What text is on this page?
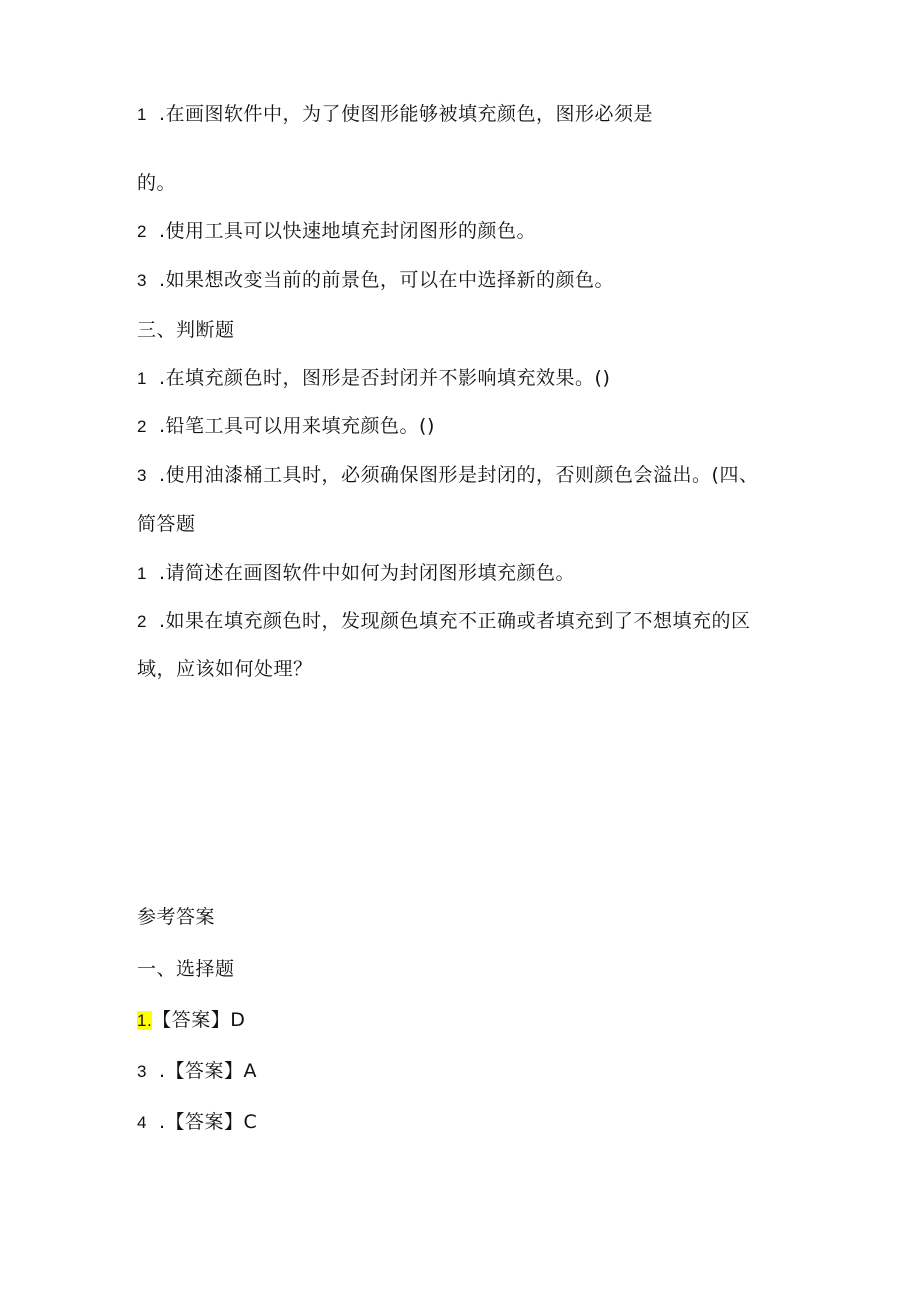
1 .在画图软件中，为了使图形能够被填充颜色，图形必须是
的。
2 .使用工具可以快速地填充封闭图形的颜色。
3 .如果想改变当前的前景色，可以在中选择新的颜色。
三、判断题
1 .在填充颜色时，图形是否封闭并不影响填充效果。()
2 .铅笔工具可以用来填充颜色。()
3 .使用油漆桶工具时，必须确保图形是封闭的，否则颜色会溢出。(四、
简答题
1 .请简述在画图软件中如何为封闭图形填充颜色。
2 .如果在填充颜色时，发现颜色填充不正确或者填充到了不想填充的区
域，应该如何处理？
参考答案
一、选择题
1.【答案】D
3 .【答案】A
4 .【答案】C
